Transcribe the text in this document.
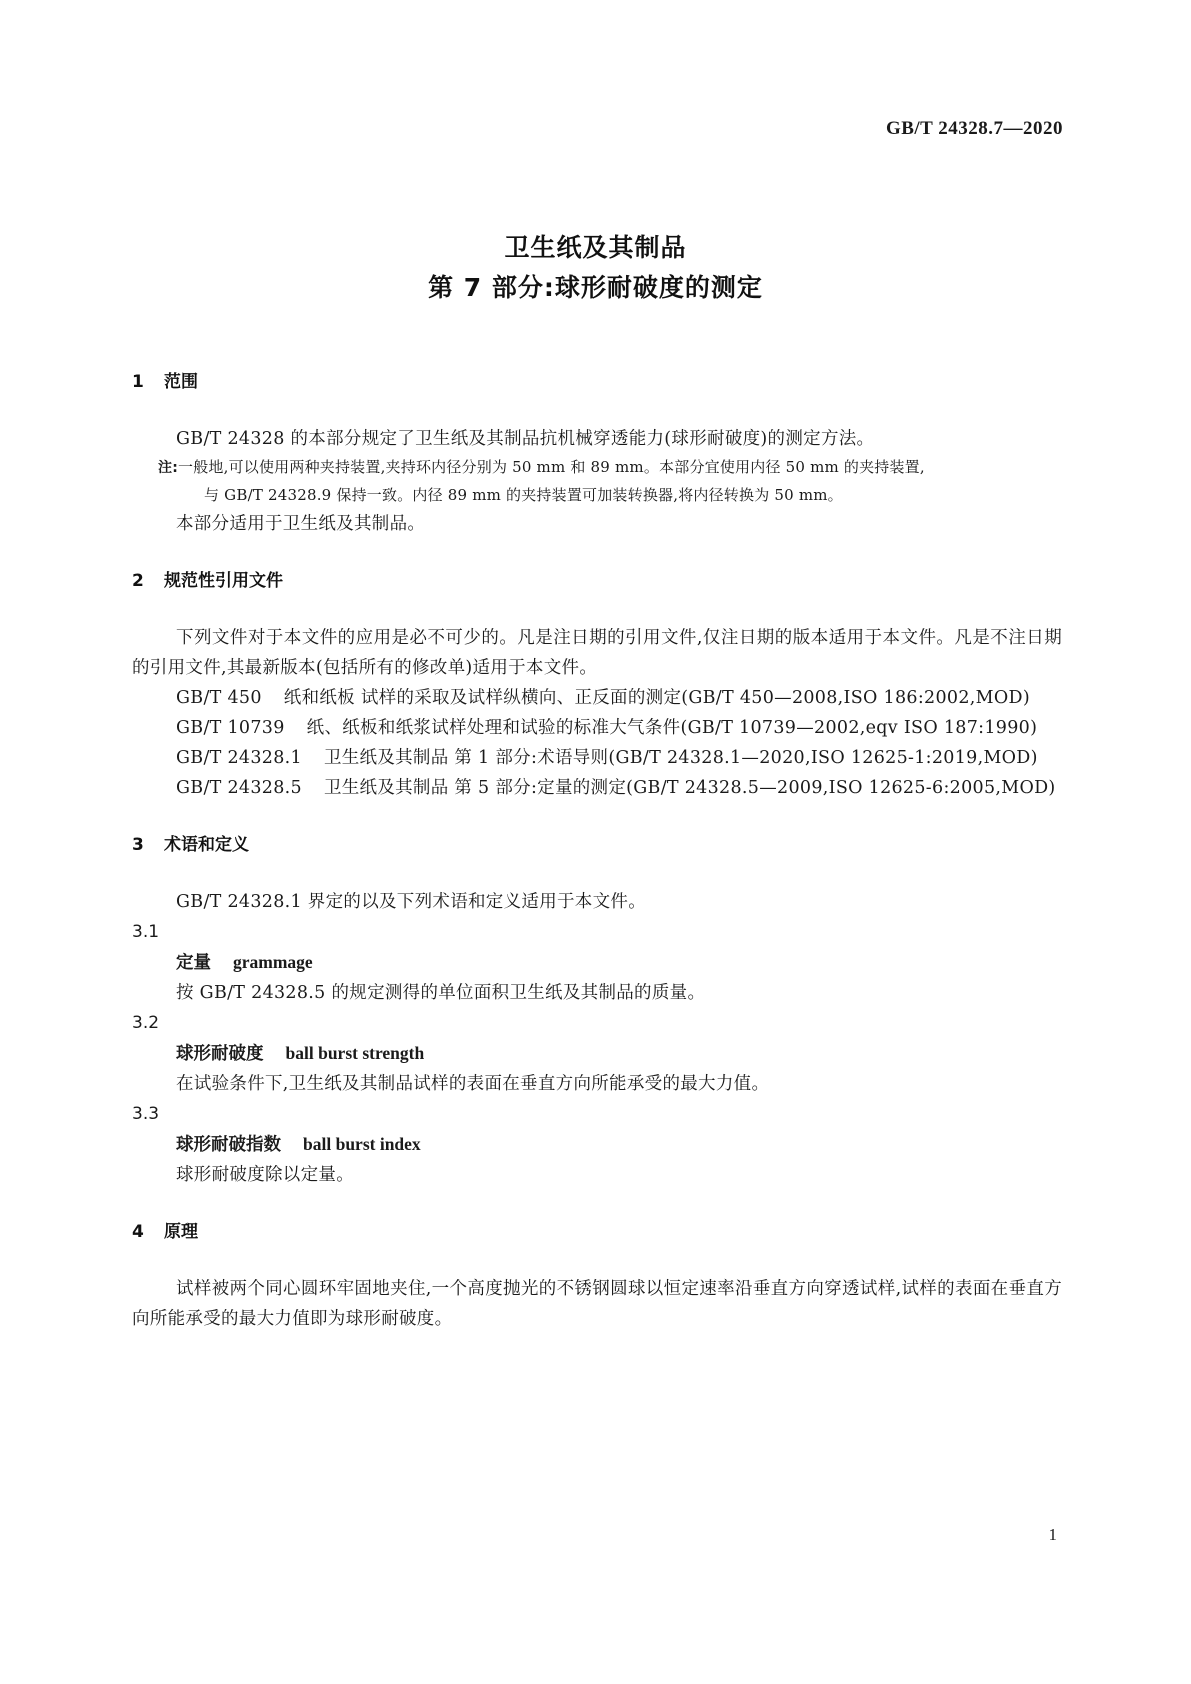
GB/T 24328.7—2020
卫生纸及其制品
第 7 部分:球形耐破度的测定
1	范围

GB/T 24328 的本部分规定了卫生纸及其制品抗机械穿透能力(球形耐破度)的测定方法。

注:一般地,可以使用两种夹持装置,夹持环内径分别为 50 mm 和 89 mm。本部分宜使用内径 50 mm 的夹持装置,

与 GB/T 24328.9 保持一致。内径 89 mm 的夹持装置可加装转换器,将内径转换为 50 mm。

本部分适用于卫生纸及其制品。

2	规范性引用文件

下列文件对于本文件的应用是必不可少的。凡是注日期的引用文件,仅注日期的版本适用于本文件。凡是不注日期的引用文件,其最新版本(包括所有的修改单)适用于本文件。

GB/T 450 纸和纸板 试样的采取及试样纵横向、正反面的测定(GB/T 450—2008,ISO 186:2002,MOD)

GB/T 10739 纸、纸板和纸浆试样处理和试验的标准大气条件(GB/T 10739—2002,eqv ISO 187:1990)

GB/T 24328.1 卫生纸及其制品 第 1 部分:术语导则(GB/T 24328.1—2020,ISO 12625-1:2019,MOD)

GB/T 24328.5 卫生纸及其制品 第 5 部分:定量的测定(GB/T 24328.5—2009,ISO 12625-6:2005,MOD)

3	术语和定义

GB/T 24328.1 界定的以及下列术语和定义适用于本文件。

3.1

定量 grammage

按 GB/T 24328.5 的规定测得的单位面积卫生纸及其制品的质量。

3.2

球形耐破度 ball burst strength

在试验条件下,卫生纸及其制品试样的表面在垂直方向所能承受的最大力值。

3.3

球形耐破指数 ball burst index

球形耐破度除以定量。

4	原理

试样被两个同心圆环牢固地夹住,一个高度抛光的不锈钢圆球以恒定速率沿垂直方向穿透试样,试样的表面在垂直方向所能承受的最大力值即为球形耐破度。

1
